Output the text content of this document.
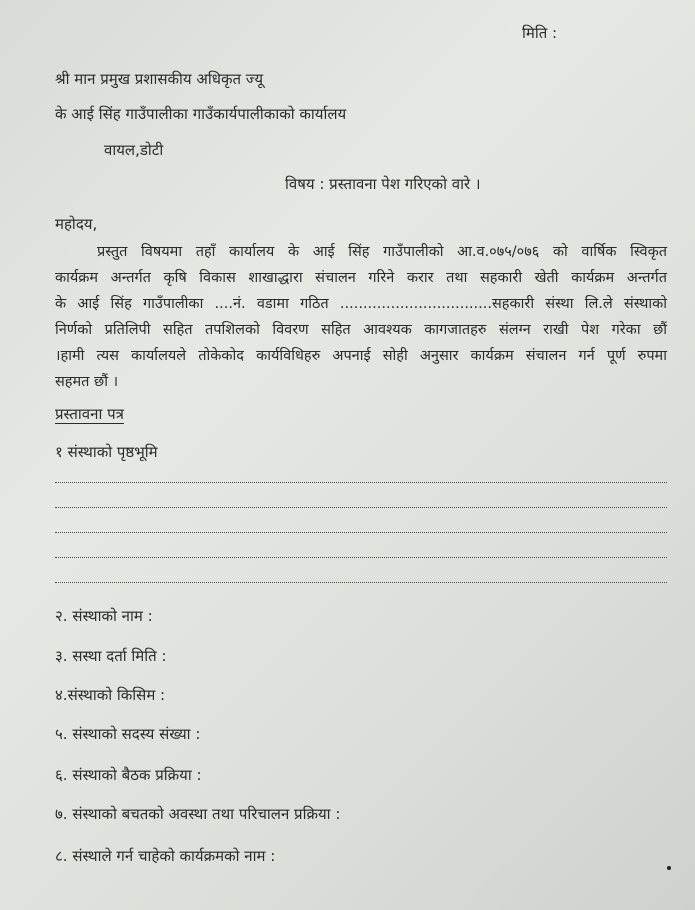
मिति :
श्री मान प्रमुख प्रशासकीय अधिकृत ज्यू
के आई सिंह गाउँपालीका गाउँकार्यपालीकाको कार्यालय
वायल,डोटी
विषय : प्रस्तावना पेश गरिएको वारे ।
महोदय,

प्रस्तुत विषयमा तहाँ कार्यालय के आई सिंह गाउँपालीको आ.व.०७५/०७६ को वार्षिक स्विकृत

कार्यक्रम अन्तर्गत कृषि विकास शाखाद्धारा संचालन गरिने करार तथा सहकारी खेती कार्यक्रम अन्तर्गत

के आई सिंह गाउँपालीका ....नं. वडामा गठित .................................सहकारी संस्था लि.ले संस्थाको

निर्णको प्रतिलिपी सहित तपशिलको विवरण सहित आवश्यक कागजातहरु संलग्न राखी पेश गरेका छौं

।हामी त्यस कार्यालयले तोकेकोद कार्यविधिहरु अपनाई सोही अनुसार कार्यक्रम संचालन गर्न पूर्ण रुपमा

सहमत छौं ।

प्रस्तावना पत्र
१ संस्थाको पृष्ठभूमि
२. संस्थाको नाम :
३. सस्था दर्ता मिति :
४.संस्थाको किसिम :
५. संस्थाको सदस्य संख्या :
६. संस्थाको बैठक प्रक्रिया :
७. संस्थाको बचतको अवस्था तथा परिचालन प्रक्रिया :
८. संस्थाले गर्न चाहेको कार्यक्रमको नाम :
